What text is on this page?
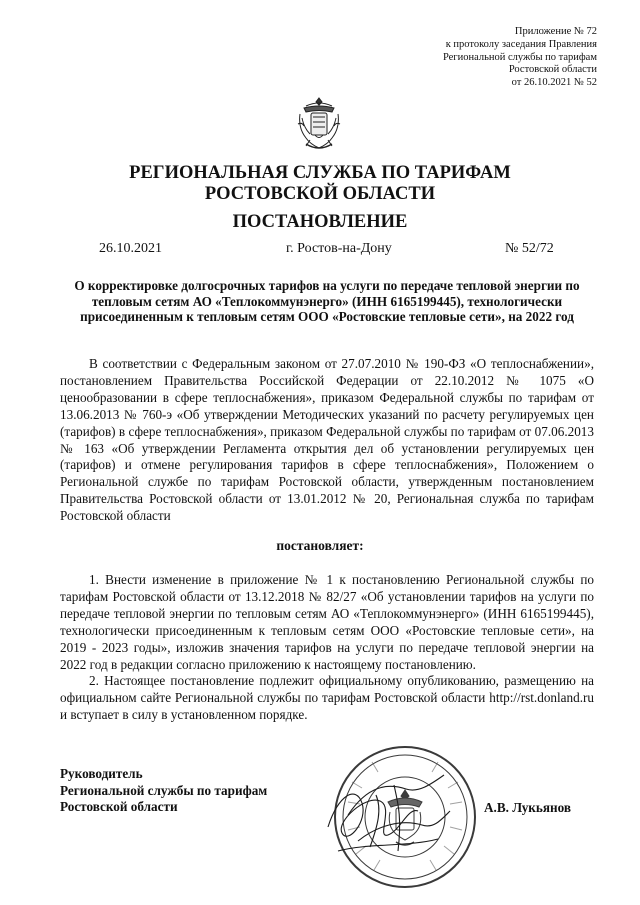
Приложение № 72
к протоколу заседания Правления
Региональной службы по тарифам
Ростовской области
от 26.10.2021 № 52
РЕГИОНАЛЬНАЯ СЛУЖБА ПО ТАРИФАМ
РОСТОВСКОЙ ОБЛАСТИ
ПОСТАНОВЛЕНИЕ
26.10.2021	г. Ростов-на-Дону	№ 52/72
О корректировке долгосрочных тарифов на услуги по передаче тепловой энергии по тепловым сетям АО «Теплокоммунэнерго» (ИНН 6165199445), технологически присоединенным к тепловым сетям ООО «Ростовские тепловые сети», на 2022 год

В соответствии с Федеральным законом от 27.07.2010 № 190-ФЗ «О теплоснабжении», постановлением Правительства Российской Федерации от 22.10.2012 № 1075 «О ценообразовании в сфере теплоснабжения», приказом Федеральной службы по тарифам от 13.06.2013 № 760-э «Об утверждении Методических указаний по расчету регулируемых цен (тарифов) в сфере теплоснабжения», приказом Федеральной службы по тарифам от 07.06.2013 № 163 «Об утверждении Регламента открытия дел об установлении регулируемых цен (тарифов) и отмене регулирования тарифов в сфере теплоснабжения», Положением о Региональной службе по тарифам Ростовской области, утвержденным постановлением Правительства Ростовской области от 13.01.2012 № 20, Региональная служба по тарифам Ростовской области

постановляет:

1. Внести изменение в приложение № 1 к постановлению Региональной службы по тарифам Ростовской области от 13.12.2018 № 82/27 «Об установлении тарифов на услуги по передаче тепловой энергии по тепловым сетям АО «Теплокоммунэнерго» (ИНН 6165199445), технологически присоединенным к тепловым сетям ООО «Ростовские тепловые сети», на 2019 - 2023 годы», изложив значения тарифов на услуги по передаче тепловой энергии на 2022 год в редакции согласно приложению к настоящему постановлению.

2. Настоящее постановление подлежит официальному опубликованию, размещению на официальном сайте Региональной службы по тарифам Ростовской области http://rst.donland.ru и вступает в силу в установленном порядке.

Руководитель
Региональной службы по тарифам
Ростовской области	А.В. Лукьянов
